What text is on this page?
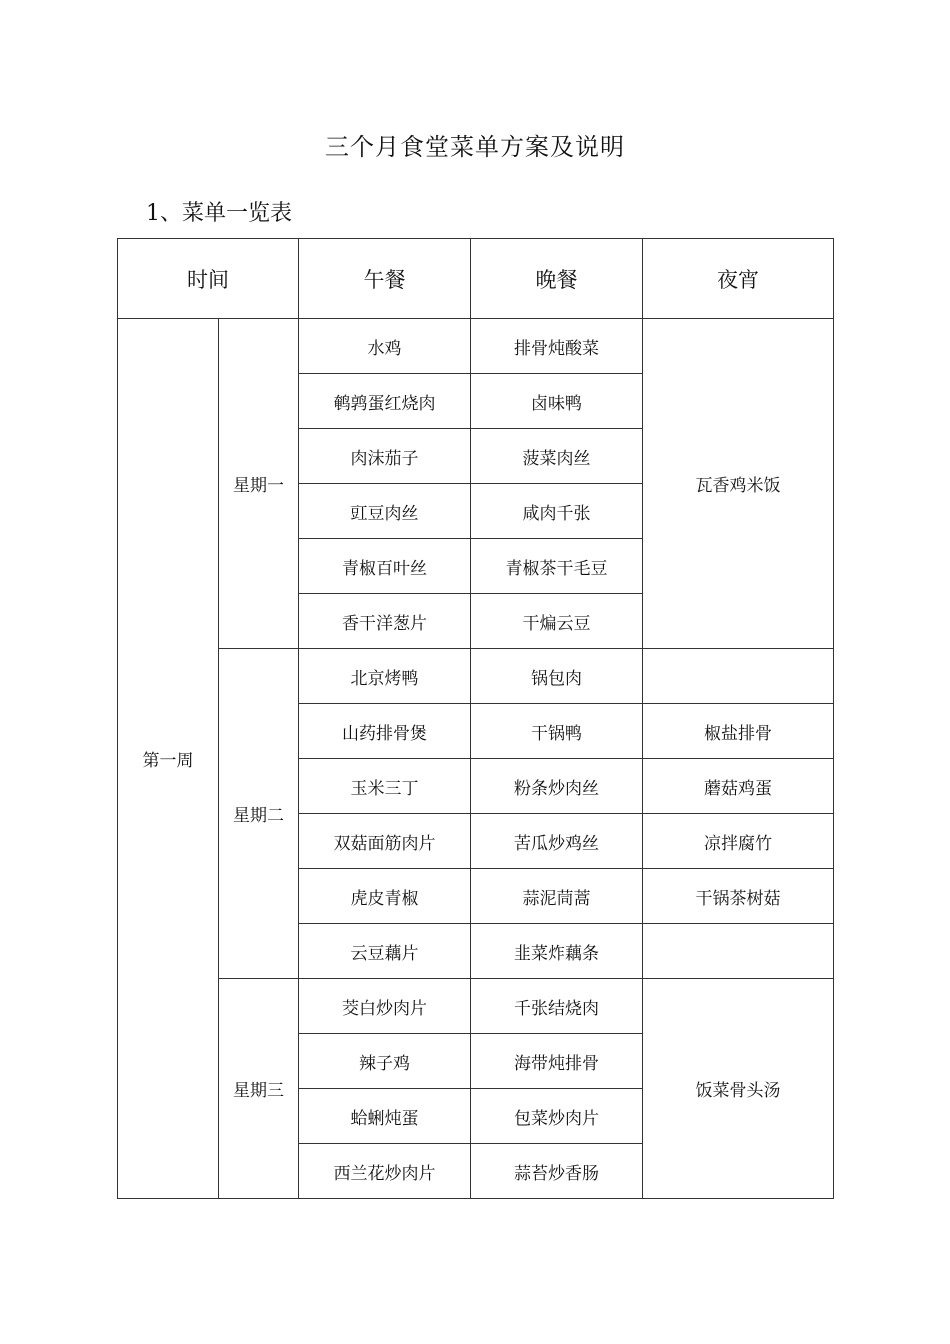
三个月食堂菜单方案及说明
1、菜单一览表
时间		午餐	晚餐	夜宵
第一周	星期一	水鸡	排骨炖酸菜	瓦香鸡米饭
		鹌鹑蛋红烧肉	卤味鸭	
		肉沫茄子	菠菜肉丝	
		豇豆肉丝	咸肉千张	
		青椒百叶丝	青椒茶干毛豆	
		香干洋葱片	干煸云豆	
	星期二	北京烤鸭	锅包肉	
		山药排骨煲	干锅鸭	椒盐排骨
		玉米三丁	粉条炒肉丝	蘑菇鸡蛋
		双菇面筋肉片	苦瓜炒鸡丝	凉拌腐竹
		虎皮青椒	蒜泥茼蒿	干锅茶树菇
		云豆藕片	韭菜炸藕条	
	星期三	茭白炒肉片	千张结烧肉	饭菜骨头汤
		辣子鸡	海带炖排骨	
		蛤蜊炖蛋	包菜炒肉片	
		西兰花炒肉片	蒜苔炒香肠	
